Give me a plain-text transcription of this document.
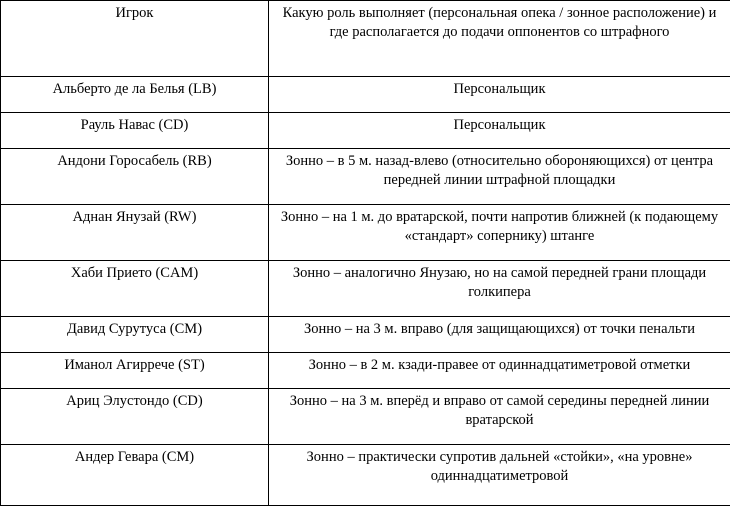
Игрок	Какую роль выполняет (персональная опека / зонное расположение) и где располагается до подачи оппонентов со штрафного
Альберто де ла Белья (LB)	Персональщик
Рауль Навас (CD)	Персональщик
Андони Горосабель (RB)	Зонно – в 5 м. назад-влево (относительно обороняющихся) от центра передней линии штрафной площадки
Аднан Янузай (RW)	Зонно – на 1 м. до вратарской, почти напротив ближней (к подающему «стандарт» сопернику) штанге
Хаби Прието (CAM)	Зонно – аналогично Янузаю, но на самой передней грани площади голкипера
Давид Сурутуса (CM)	Зонно – на 3 м. вправо (для защищающихся) от точки пенальти
Иманол Агирречe (ST)	Зонно – в 2 м. кзади-правее от одиннадцатиметровой отметки
Ариц Элустондо (CD)	Зонно – на 3 м. вперёд и вправо от самой середины передней линии вратарской
Андер Гевара (CM)	Зонно – практически супротив дальней «стойки», «на уровне» одиннадцатиметровой
